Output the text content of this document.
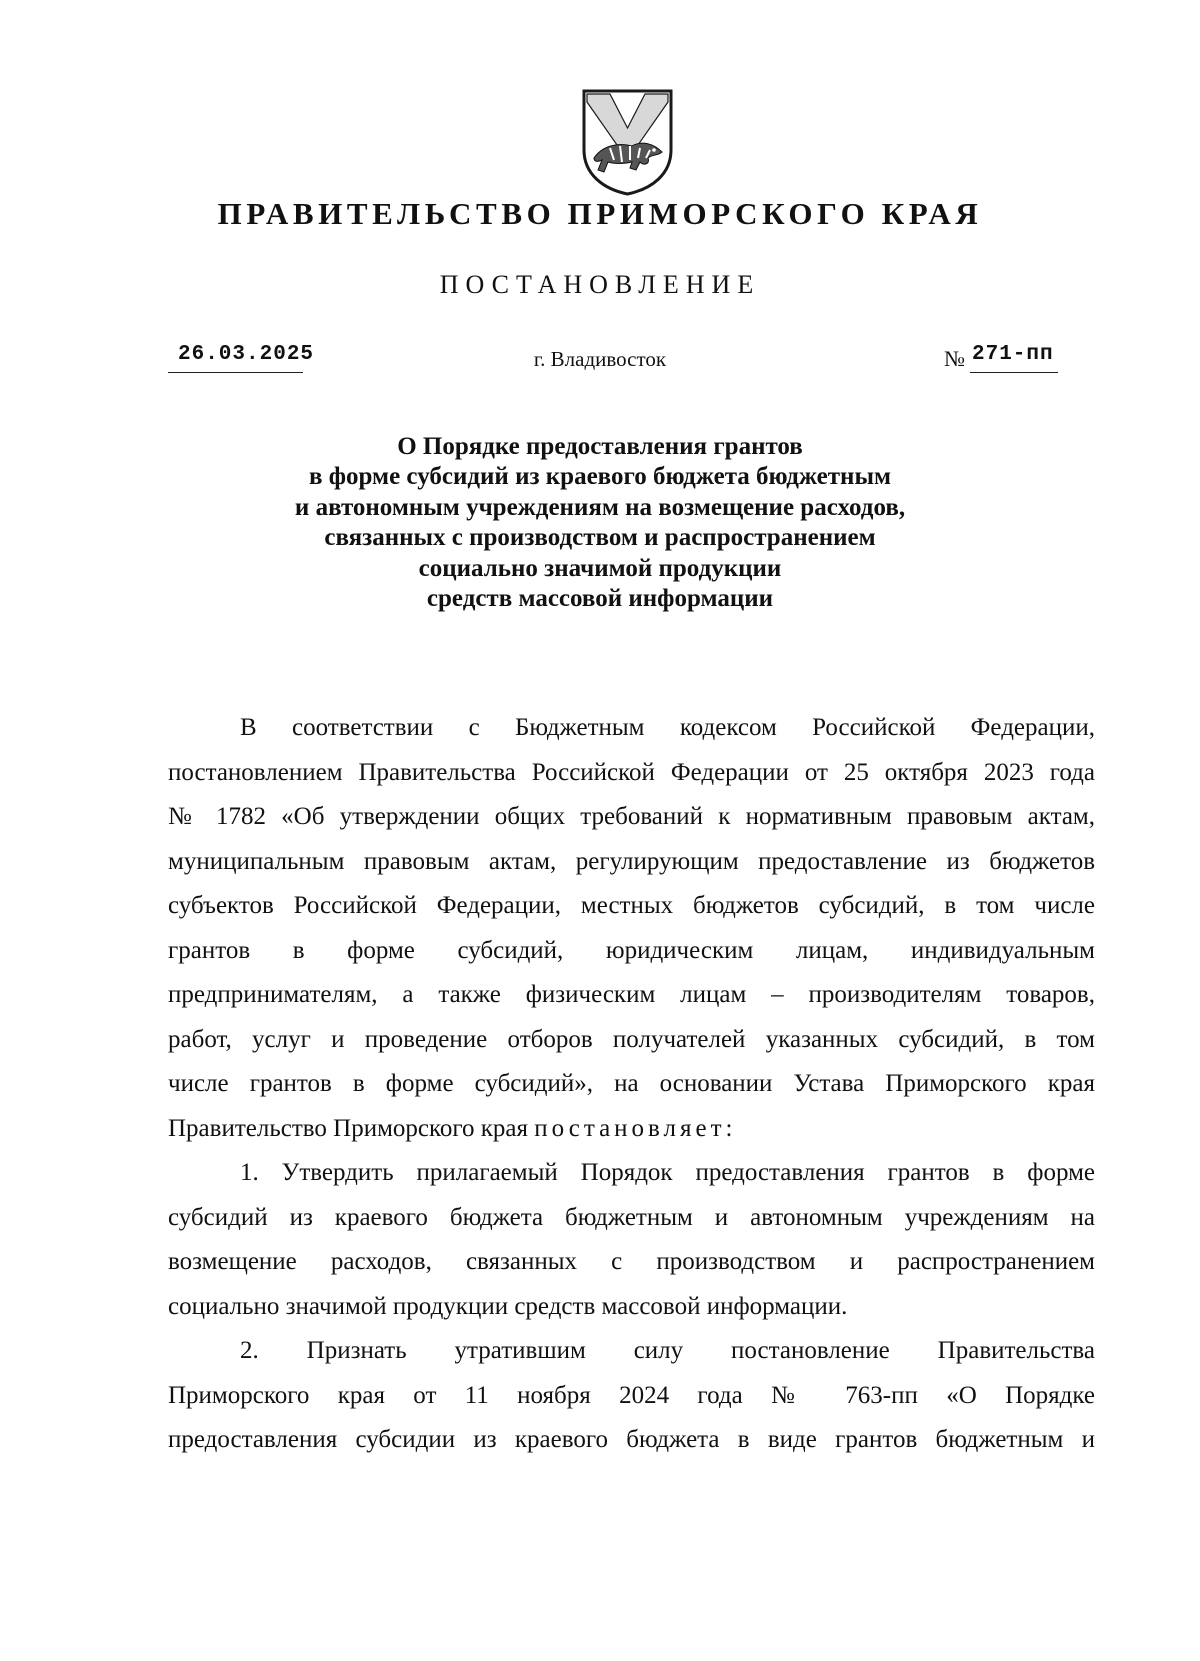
ПРАВИТЕЛЬСТВО ПРИМОРСКОГО КРАЯ
ПОСТАНОВЛЕНИЕ
26.03.2025	г. Владивосток	№ 271-пп
О Порядке предоставления грантов
в форме субсидий из краевого бюджета бюджетным
и автономным учреждениям на возмещение расходов,
связанных с производством и распространением
социально значимой продукции
средств массовой информации
В соответствии с Бюджетным кодексом Российской Федерации,
постановлением Правительства Российской Федерации от 25 октября 2023 года
№ 1782 «Об утверждении общих требований к нормативным правовым актам,
муниципальным правовым актам, регулирующим предоставление из бюджетов
субъектов Российской Федерации, местных бюджетов субсидий, в том числе
грантов в форме субсидий, юридическим лицам, индивидуальным
предпринимателям, а также физическим лицам – производителям товаров,
работ, услуг и проведение отборов получателей указанных субсидий, в том
числе грантов в форме субсидий», на основании Устава Приморского края
Правительство Приморского края постановляет:
1. Утвердить прилагаемый Порядок предоставления грантов в форме
субсидий из краевого бюджета бюджетным и автономным учреждениям на
возмещение расходов, связанных с производством и распространением
социально значимой продукции средств массовой информации.
2. Признать утратившим силу постановление Правительства
Приморского края от 11 ноября 2024 года № 763-пп «О Порядке
предоставления субсидии из краевого бюджета в виде грантов бюджетным и
